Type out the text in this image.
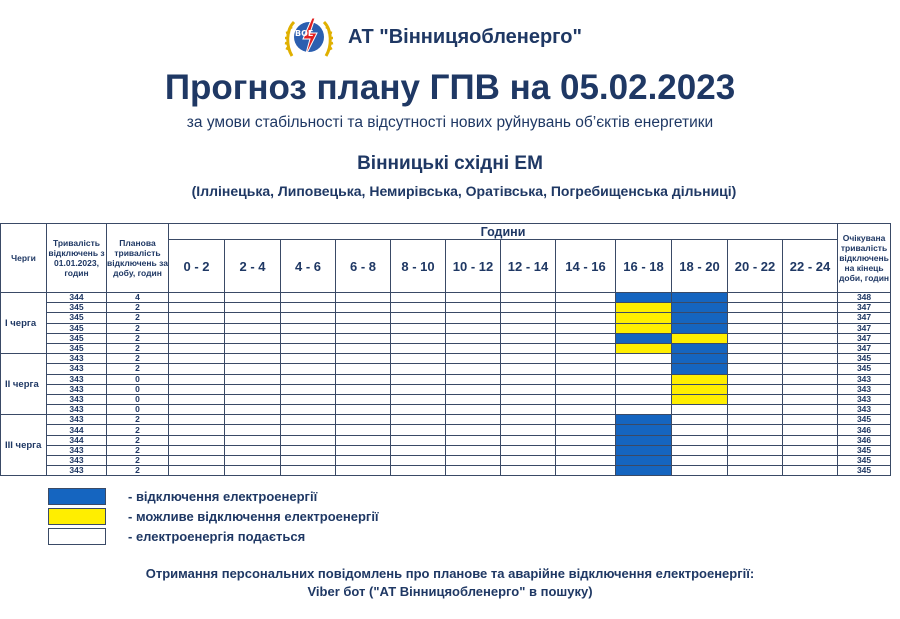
ВОЕ АТ "Вінницяобленерго"
Прогноз плану ГПВ на 05.02.2023
за умови стабільності та відсутності нових руйнувань об’єктів енергетики
Вінницькі східні ЕМ
(Іллінецька, Липовецька, Немирівська, Оратівська, Погребищенська дільниці)
Черги	Тривалість відключень з 01.01.2023, годин	Планова тривалість відключень за добу, годин	Години												Очікувана тривалість відключень на кінець доби, годин
			0 - 2	2 - 4	4 - 6	6 - 8	8 - 10	10 - 12	12 - 14	14 - 16	16 - 18	18 - 20	20 - 22	22 - 24	
І черга	344	4													348
	345	2													347
	345	2													347
	345	2													347
	345	2													347
	345	2													347
ІІ черга	343	2													345
	343	2													345
	343	0													343
	343	0													343
	343	0													343
	343	0													343
ІІІ черга	343	2													345
	344	2													346
	344	2													346
	343	2													345
	343	2													345
	343	2													345
- відключення електроенергії
- можливе відключення електроенергії
- електроенергія подається
Отримання персональних повідомлень про планове та аварійне відключення електроенергії:
Viber бот ("АТ Вінницяобленерго" в пошуку)
